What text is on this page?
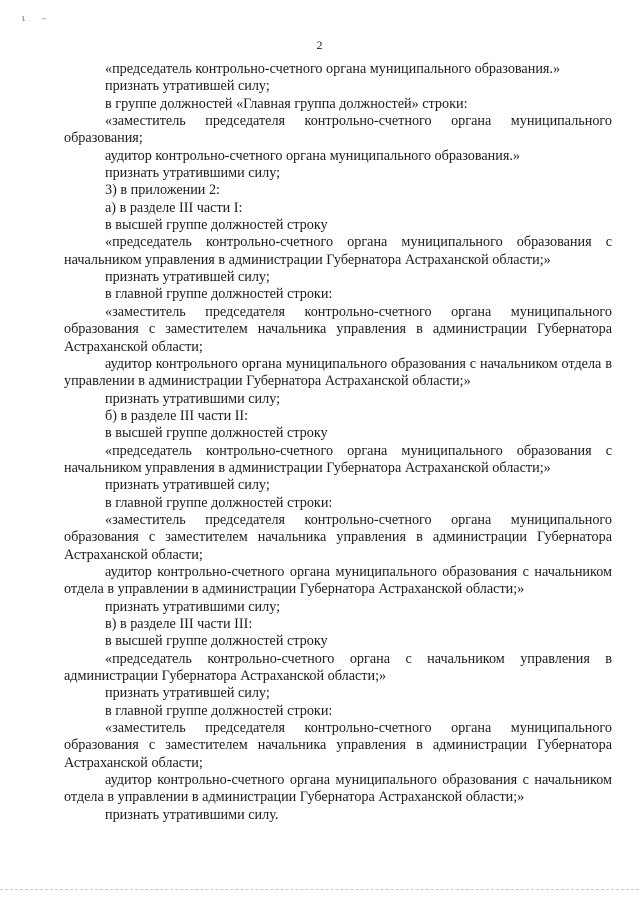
ɩ –
2

«председатель контрольно-счетного органа муниципального образования.»

признать утратившей силу;

в группе должностей «Главная группа должностей» строки:

«заместитель председателя контрольно-счетного органа муниципального образования;

аудитор контрольно-счетного органа муниципального образования.»

признать утратившими силу;

3) в приложении 2:

а) в разделе III части I:

в высшей группе должностей строку

«председатель контрольно-счетного органа муниципального образования с начальником управления в администрации Губернатора Астраханской области;»

признать утратившей силу;

в главной группе должностей строки:

«заместитель председателя контрольно-счетного органа муниципального образования с заместителем начальника управления в администрации Губернатора Астраханской области;

аудитор контрольного органа муниципального образования с начальником отдела в управлении в администрации Губернатора Астраханской области;»

признать утратившими силу;

б) в разделе III части II:

в высшей группе должностей строку

«председатель контрольно-счетного органа муниципального образования с начальником управления в администрации Губернатора Астраханской области;»

признать утратившей силу;

в главной группе должностей строки:

«заместитель председателя контрольно-счетного органа муниципального образования с заместителем начальника управления в администрации Губернатора Астраханской области;

аудитор контрольно-счетного органа муниципального образования с начальником отдела в управлении в администрации Губернатора Астраханской области;»

признать утратившими силу;

в) в разделе III части III:

в высшей группе должностей строку

«председатель контрольно-счетного органа с начальником управления в администрации Губернатора Астраханской области;»

признать утратившей силу;

в главной группе должностей строки:

«заместитель председателя контрольно-счетного органа муниципального образования с заместителем начальника управления в администрации Губернатора Астраханской области;

аудитор контрольно-счетного органа муниципального образования с начальником отдела в управлении в администрации Губернатора Астраханской области;»

признать утратившими силу.
